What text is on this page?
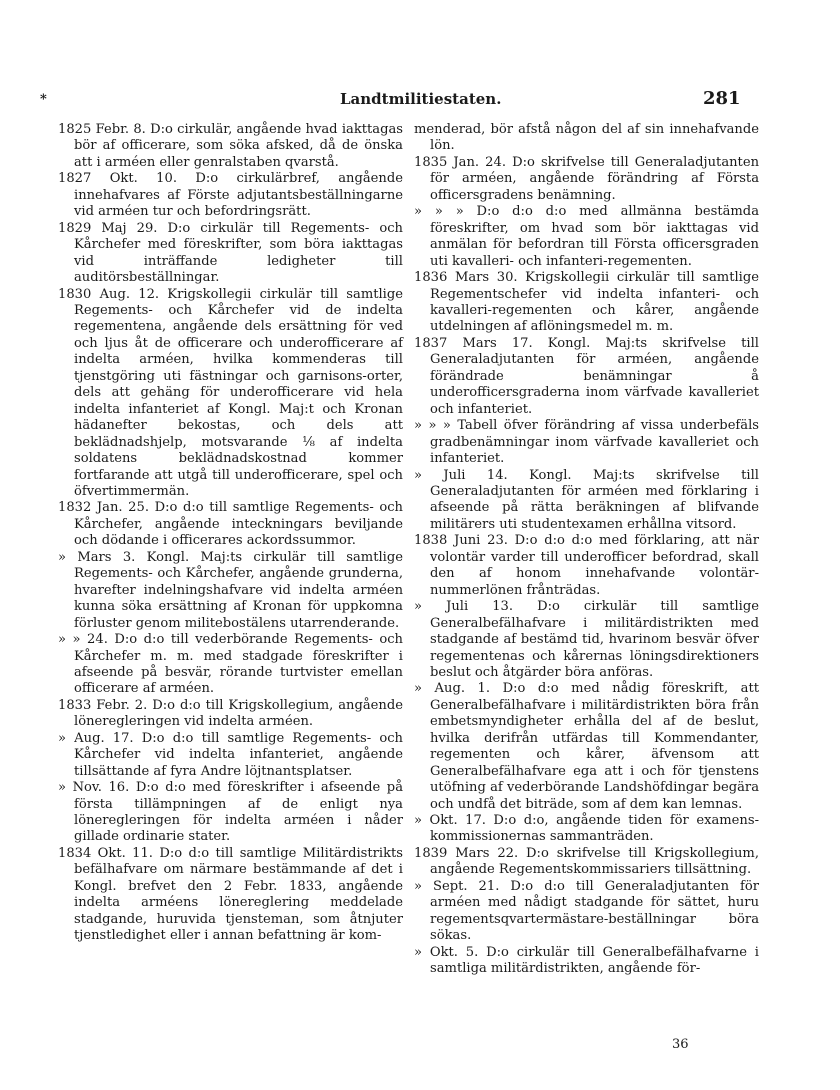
*	Landtmilitiestaten.	281

1825 Febr. 8. D:o cirkulär, angående hvad iakttagas bör af officerare, som söka afsked, då de önska att i arméen eller genralstaben qvarstå.

1827 Okt. 10. D:o cirkulärbref, angående innehafvares af Förste adjutantsbeställningarne vid arméen tur och befordringsrätt.

1829 Maj 29. D:o cirkulär till Regements- och Kårchefer med föreskrifter, som böra iakttagas vid inträffande ledigheter till auditörsbeställningar.

1830 Aug. 12. Krigskollegii cirkulär till samtlige Regements- och Kårchefer vid de indelta regementena, angående dels ersättning för ved och ljus åt de officerare och underofficerare af indelta arméen, hvilka kommenderas till tjenstgöring uti fästningar och garnisons-orter, dels att gehäng för underofficerare vid hela indelta infanteriet af Kongl. Maj:t och Kronan hädanefter bekostas, och dels att beklädnadshjelp, motsvarande ⅛ af indelta soldatens beklädnadskostnad kommer fortfarande att utgå till underofficerare, spel och öfvertimmermän.

1832 Jan. 25. D:o d:o till samtlige Regements- och Kårchefer, angående inteckningars beviljande och dödande i officerares ackordssummor.

» Mars 3. Kongl. Maj:ts cirkulär till samtlige Regements- och Kårchefer, angående grunderna, hvarefter indelningshafvare vid indelta arméen kunna söka ersättning af Kronan för uppkomna förluster genom militebostälens utarrenderande.

» » 24. D:o d:o till vederbörande Regements- och Kårchefer m. m. med stadgade föreskrifter i afseende på besvär, rörande turtvister emellan officerare af arméen.

1833 Febr. 2. D:o d:o till Krigskollegium, angående löneregleringen vid indelta arméen.

» Aug. 17. D:o d:o till samtlige Regements- och Kårchefer vid indelta infanteriet, angående tillsättande af fyra Andre löjtnantsplatser.

» Nov. 16. D:o d:o med föreskrifter i afseende på första tillämpningen af de enligt nya löneregleringen för indelta arméen i nåder gillade ordinarie stater.

1834 Okt. 11. D:o d:o till samtlige Militärdistrikts befälhafvare om närmare bestämmande af det i Kongl. brefvet den 2 Febr. 1833, angående indelta arméens lönereglering meddelade stadgande, huruvida tjensteman, som åtnjuter tjenstledighet eller i annan befattning är kom-

menderad, bör afstå någon del af sin innehafvande lön.

1835 Jan. 24. D:o skrifvelse till Generaladjutanten för arméen, angående förändring af Första officersgradens benämning.

» » » D:o d:o d:o med allmänna bestämda föreskrifter, om hvad som bör iakttagas vid anmälan för befordran till Första officersgraden uti kavalleri- och infanteri-regementen.

1836 Mars 30. Krigskollegii cirkulär till samtlige Regementschefer vid indelta infanteri- och kavalleri-regementen och kårer, angående utdelningen af aflöningsmedel m. m.

1837 Mars 17. Kongl. Maj:ts skrifvelse till Generaladjutanten för arméen, angående förändrade benämningar å underofficersgraderna inom värfvade kavalleriet och infanteriet.

» » » Tabell öfver förändring af vissa underbefäls gradbenämningar inom värfvade kavalleriet och infanteriet.

» Juli 14. Kongl. Maj:ts skrifvelse till Generaladjutanten för arméen med förklaring i afseende på rätta beräkningen af blifvande militärers uti studentexamen erhållna vitsord.

1838 Juni 23. D:o d:o d:o med förklaring, att när volontär varder till underofficer befordrad, skall den af honom innehafvande volontär-nummerlönen frånträdas.

» Juli 13. D:o cirkulär till samtlige Generalbefälhafvare i militärdistrikten med stadgande af bestämd tid, hvarinom besvär öfver regementenas och kårernas löningsdirektioners beslut och åtgärder böra anföras.

» Aug. 1. D:o d:o med nådig föreskrift, att Generalbefälhafvare i militärdistrikten böra från embetsmyndigheter erhålla del af de beslut, hvilka derifrån utfärdas till Kommendanter, regementen och kårer, äfvensom att Generalbefälhafvare ega att i och för tjenstens utöfning af vederbörande Landshöfdingar begära och undfå det biträde, som af dem kan lemnas.

» Okt. 17. D:o d:o, angående tiden för examens-kommissionernas sammanträden.

1839 Mars 22. D:o skrifvelse till Krigskollegium, angående Regementskommissariers tillsättning.

» Sept. 21. D:o d:o till Generaladjutanten för arméen med nådigt stadgande för sättet, huru regementsqvartermästare-beställningar böra sökas.

» Okt. 5. D:o cirkulär till Generalbefälhafvarne i samtliga militärdistrikten, angående för-

36
